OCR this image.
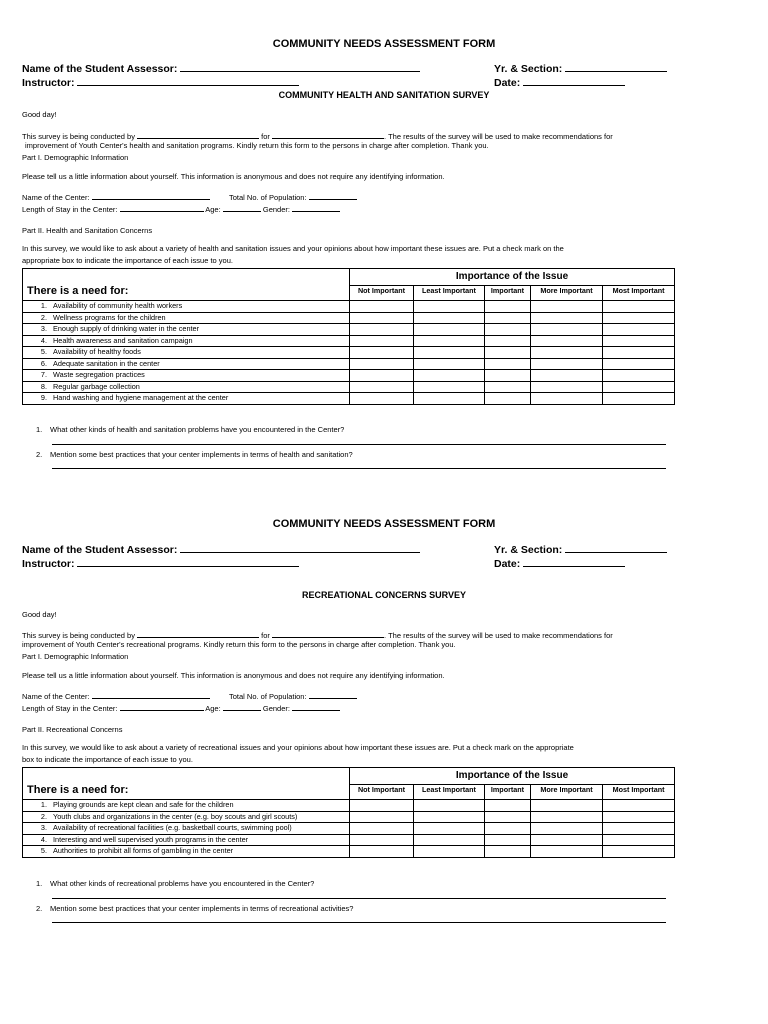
COMMUNITY NEEDS ASSESSMENT FORM
Name of the Student Assessor:	Yr. & Section:
Instructor:	Date:
COMMUNITY HEALTH AND SANITATION SURVEY
Good day!
This survey is being conducted by	for	. The results of the survey will be used to make recommendations for
improvement of Youth Center's health and sanitation programs. Kindly return this form to the persons in charge after completion. Thank you.
Part I. Demographic Information
Please tell us a little information about yourself. This information is anonymous and does not require any identifying information.
Name of the Center:	Total No. of Population:
Length of Stay in the Center:	Age:	Gender:
Part II. Health and Sanitation Concerns
In this survey, we would like to ask about a variety of health and sanitation issues and your opinions about how important these issues are. Put a check mark on the
appropriate box to indicate the importance of each issue to you.
There is a need for:	Importance of the Issue				
	Not Important	Least Important	Important	More Important	Most Important
1. Availability of community health workers					
2. Wellness programs for the children					
3. Enough supply of drinking water in the center					
4. Health awareness and sanitation campaign					
5. Availability of healthy foods					
6. Adequate sanitation in the center					
7. Waste segregation practices					
8. Regular garbage collection					
9. Hand washing and hygiene management at the center					
1. What other kinds of health and sanitation problems have you encountered in the Center?
2. Mention some best practices that your center implements in terms of health and sanitation?
COMMUNITY NEEDS ASSESSMENT FORM
Name of the Student Assessor:	Yr. & Section:
Instructor:	Date:
RECREATIONAL CONCERNS SURVEY
Good day!
This survey is being conducted by	for	. The results of the survey will be used to make recommendations for
improvement of Youth Center's recreational programs. Kindly return this form to the persons in charge after completion. Thank you.
Part I. Demographic Information
Please tell us a little information about yourself. This information is anonymous and does not require any identifying information.
Name of the Center:	Total No. of Population:
Length of Stay in the Center:	Age:	Gender:
Part II. Recreational Concerns
In this survey, we would like to ask about a variety of recreational issues and your opinions about how important these issues are. Put a check mark on the appropriate
box to indicate the importance of each issue to you.
There is a need for:	Importance of the Issue				
	Not Important	Least Important	Important	More Important	Most Important
1. Playing grounds are kept clean and safe for the children					
2. Youth clubs and organizations in the center (e.g. boy scouts and girl scouts)					
3. Availability of recreational facilities (e.g. basketball courts, swimming pool)					
4. Interesting and well supervised youth programs in the center					
5. Authorities to prohibit all forms of gambling in the center					
1. What other kinds of recreational problems have you encountered in the Center?
2. Mention some best practices that your center implements in terms of recreational activities?
